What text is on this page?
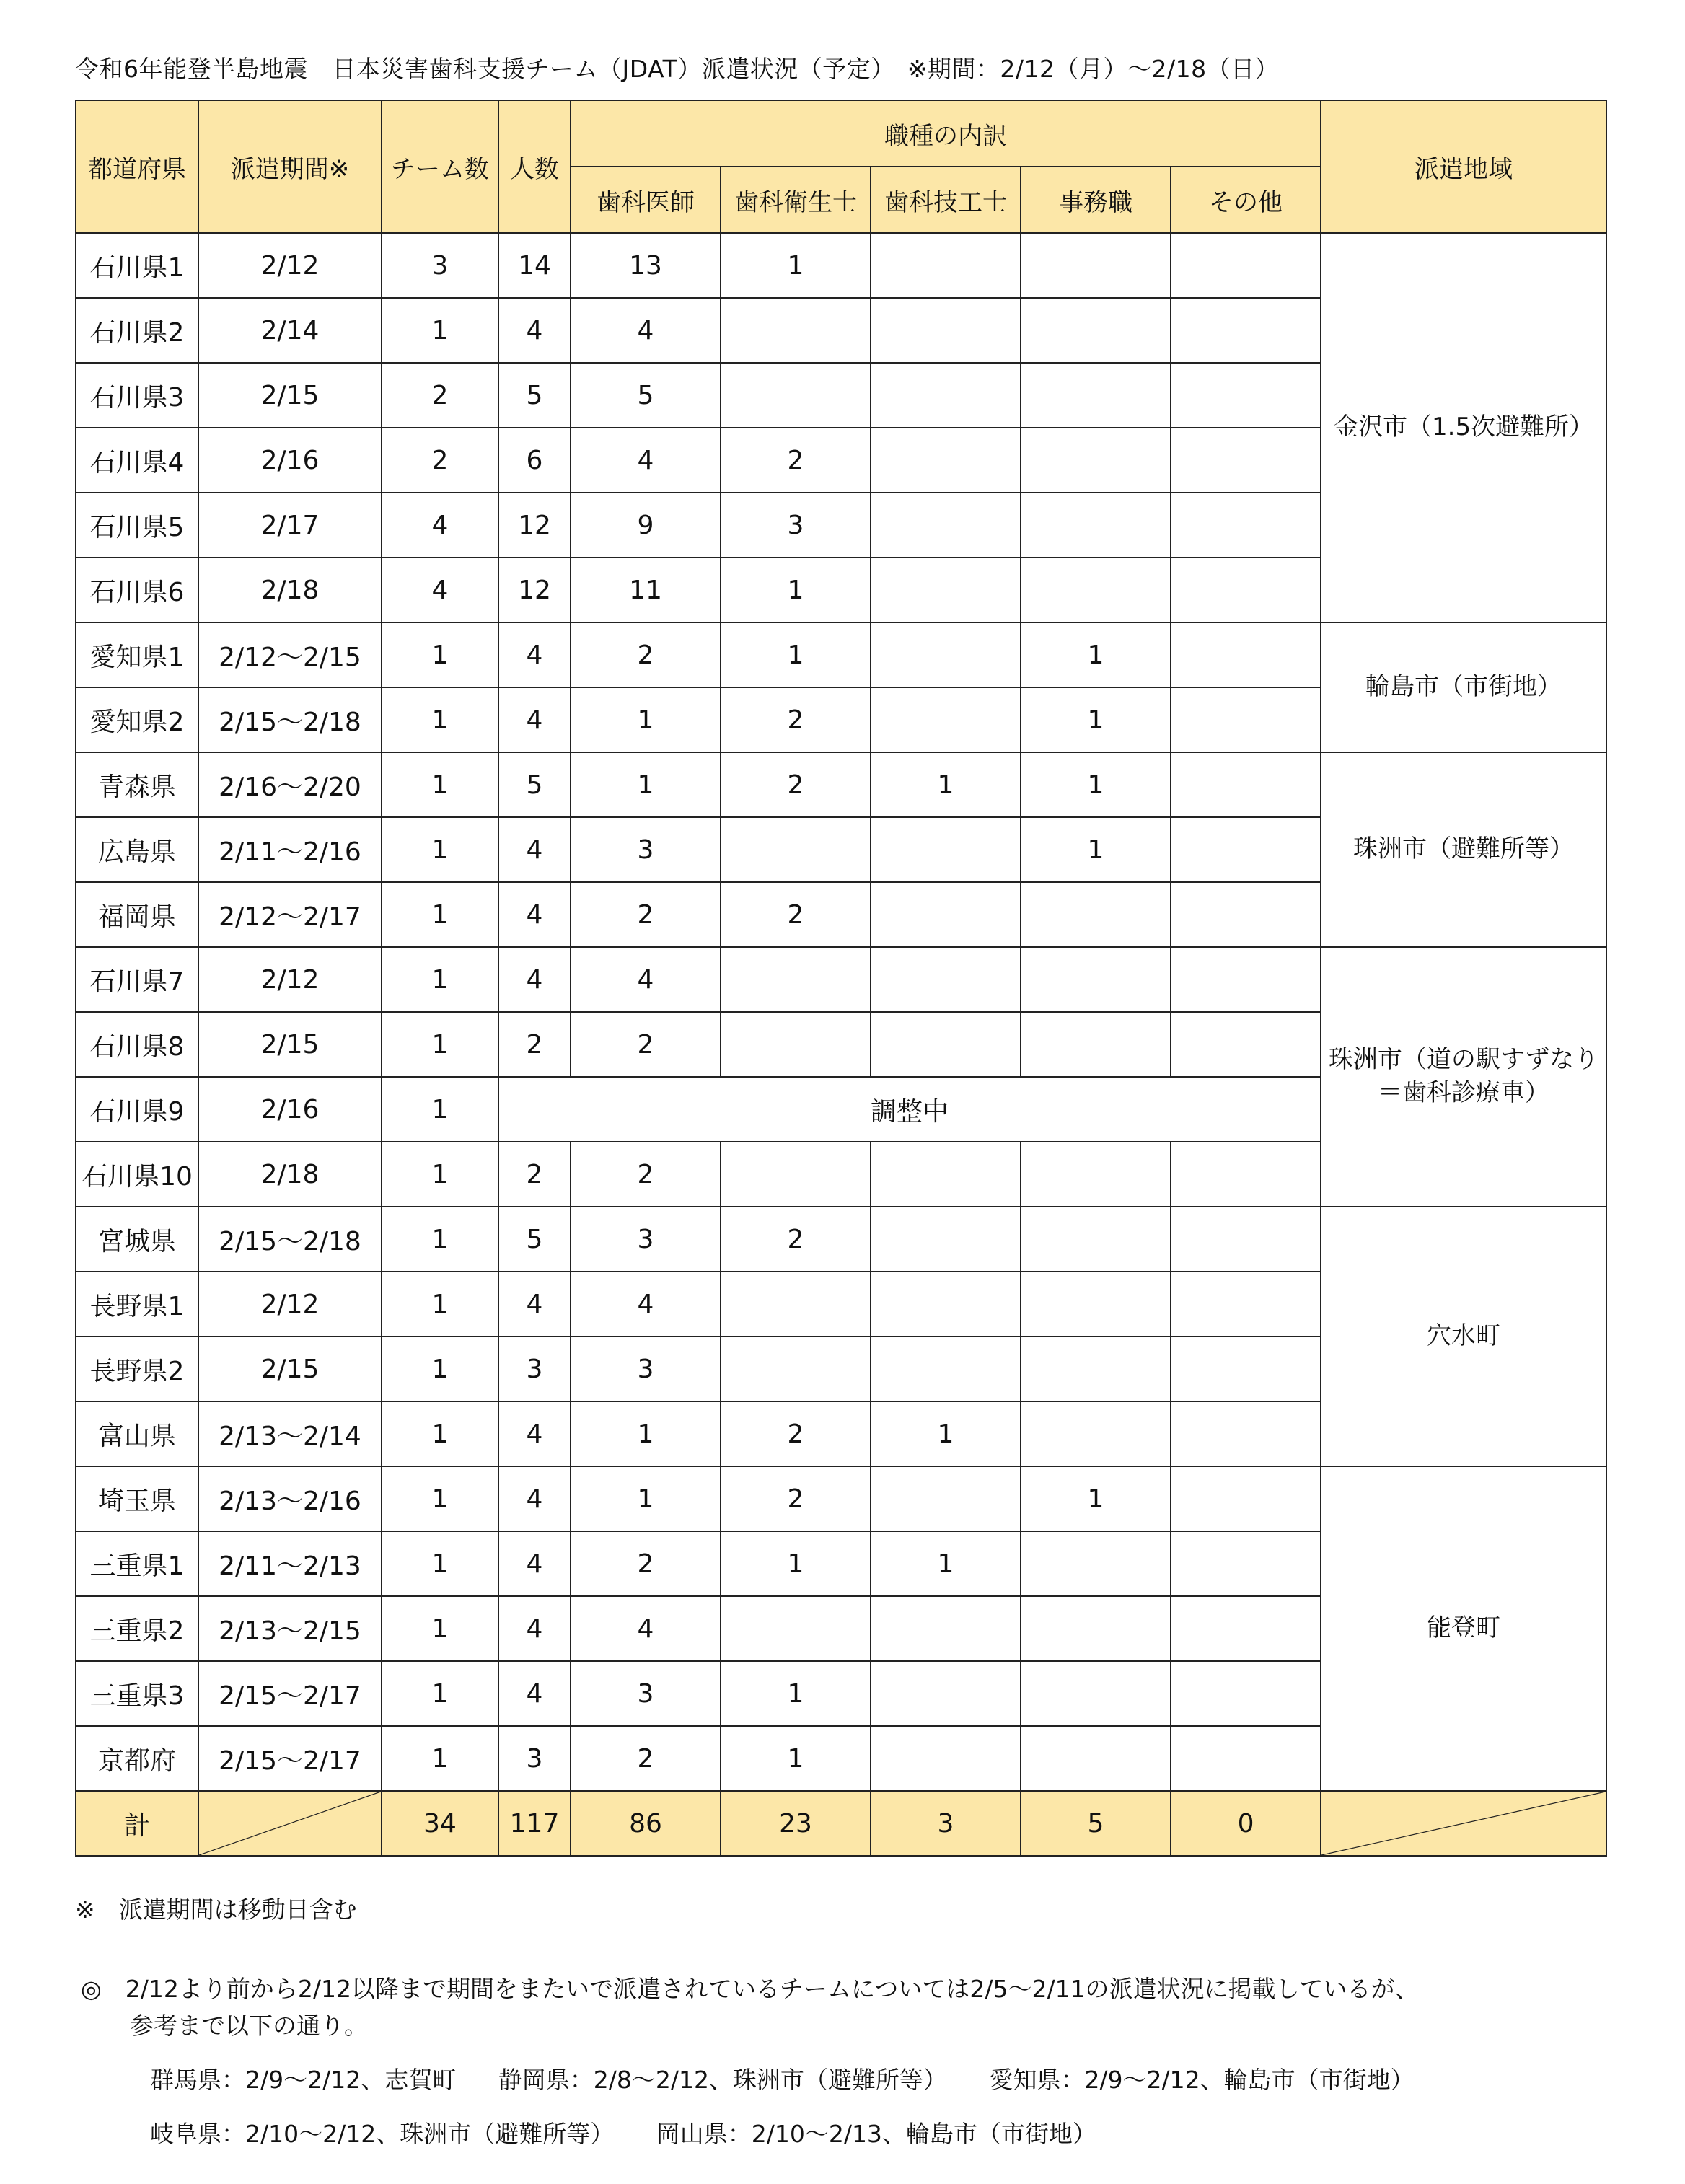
令和6年能登半島地震　日本災害歯科支援チーム（JDAT）派遣状況（予定）　※期間：2/12（月）～2/18（日）
都道府県	派遣期間※	チーム数	人数	職種の内訳					派遣地域
				歯科医師	歯科衛生士	歯科技工士	事務職	その他	
石川県1	2/12	3	14	13	1				金沢市（1.5次避難所）
石川県2	2/14	1	4	4					
石川県3	2/15	2	5	5					
石川県4	2/16	2	6	4	2				
石川県5	2/17	4	12	9	3				
石川県6	2/18	4	12	11	1				
愛知県1	2/12～2/15	1	4	2	1		1		輪島市（市街地）
愛知県2	2/15～2/18	1	4	1	2		1		
青森県	2/16～2/20	1	5	1	2	1	1		珠洲市（避難所等）
広島県	2/11～2/16	1	4	3			1		
福岡県	2/12～2/17	1	4	2	2				
石川県7	2/12	1	4	4					珠洲市（道の駅すずなり
＝歯科診療車）

石川県8	2/15	1	2	2					
石川県9	2/16	1	調整中						
石川県10	2/18	1	2	2					
宮城県	2/15～2/18	1	5	3	2				穴水町
長野県1	2/12	1	4	4					
長野県2	2/15	1	3	3					
富山県	2/13～2/14	1	4	1	2	1			
埼玉県	2/13～2/16	1	4	1	2		1		能登町
三重県1	2/11～2/13	1	4	2	1	1			
三重県2	2/13～2/15	1	4	4					
三重県3	2/15～2/17	1	4	3	1				
京都府	2/15～2/17	1	3	2	1				
計		34	117	86	23	3	5	0	
※　派遣期間は移動日含む
◎　2/12より前から2/12以降まで期間をまたいで派遣されているチームについては2/5～2/11の派遣状況に掲載しているが、
参考まで以下の通り。
群馬県：2/9～2/12、志賀町 静岡県：2/8～2/12、珠洲市（避難所等） 愛知県：2/9～2/12、輪島市（市街地）
岐阜県：2/10～2/12、珠洲市（避難所等） 岡山県：2/10～2/13、輪島市（市街地）
